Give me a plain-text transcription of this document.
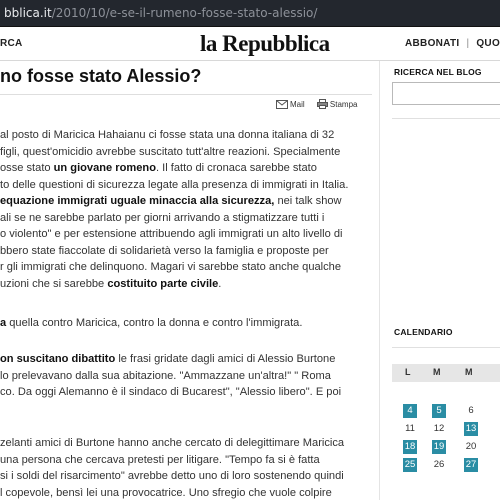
bblica.it/2010/10/e-se-il-rumeno-fosse-stato-alessio/
RCA	la Repubblica	ABBONATI | QUO
no fosse stato Alessio?
Mail
	Stampa
al posto di Maricica Hahaianu ci fosse stata una donna italiana di 32
figli, quest'omicidio avrebbe suscitato tutt'altre reazioni. Specialmente
osse stato un giovane romeno. Il fatto di cronaca sarebbe stato
to delle questioni di sicurezza legate alla presenza di immigrati in Italia.
equazione immigrati uguale minaccia alla sicurezza, nei talk show
ali se ne sarebbe parlato per giorni arrivando a stigmatizzare tutti i
o violento" e per estensione attribuendo agli immigrati un alto livello di
bbero state fiaccolate di solidarietà verso la famiglia e proposte per
r gli immigrati che delinquono. Magari vi sarebbe stato anche qualche
uzioni che si sarebbe costituito parte civile.
a quella contro Maricica, contro la donna e contro l'immigrata.
on suscitano dibattito le frasi gridate dagli amici di Alessio Burtone
lo prelevavano dalla sua abitazione. "Ammazzane un'altra!" " Roma
co. Da oggi Alemanno è il sindaco di Bucarest", "Alessio libero". E poi
zelanti amici di Burtone hanno anche cercato di delegittimare Maricica
una persona che cercava pretesti per litigare. "Tempo fa si è fatta
si i soldi del risarcimento" avrebbe detto uno di loro sostenendo quindi
l copevole, bensì lei una provocatrice. Uno sfregio che vuole colpire
RICERCA NEL BLOG
CALENDARIO
L	M	M
4	5	6
11 12 13
18 19 20
25 26 27
